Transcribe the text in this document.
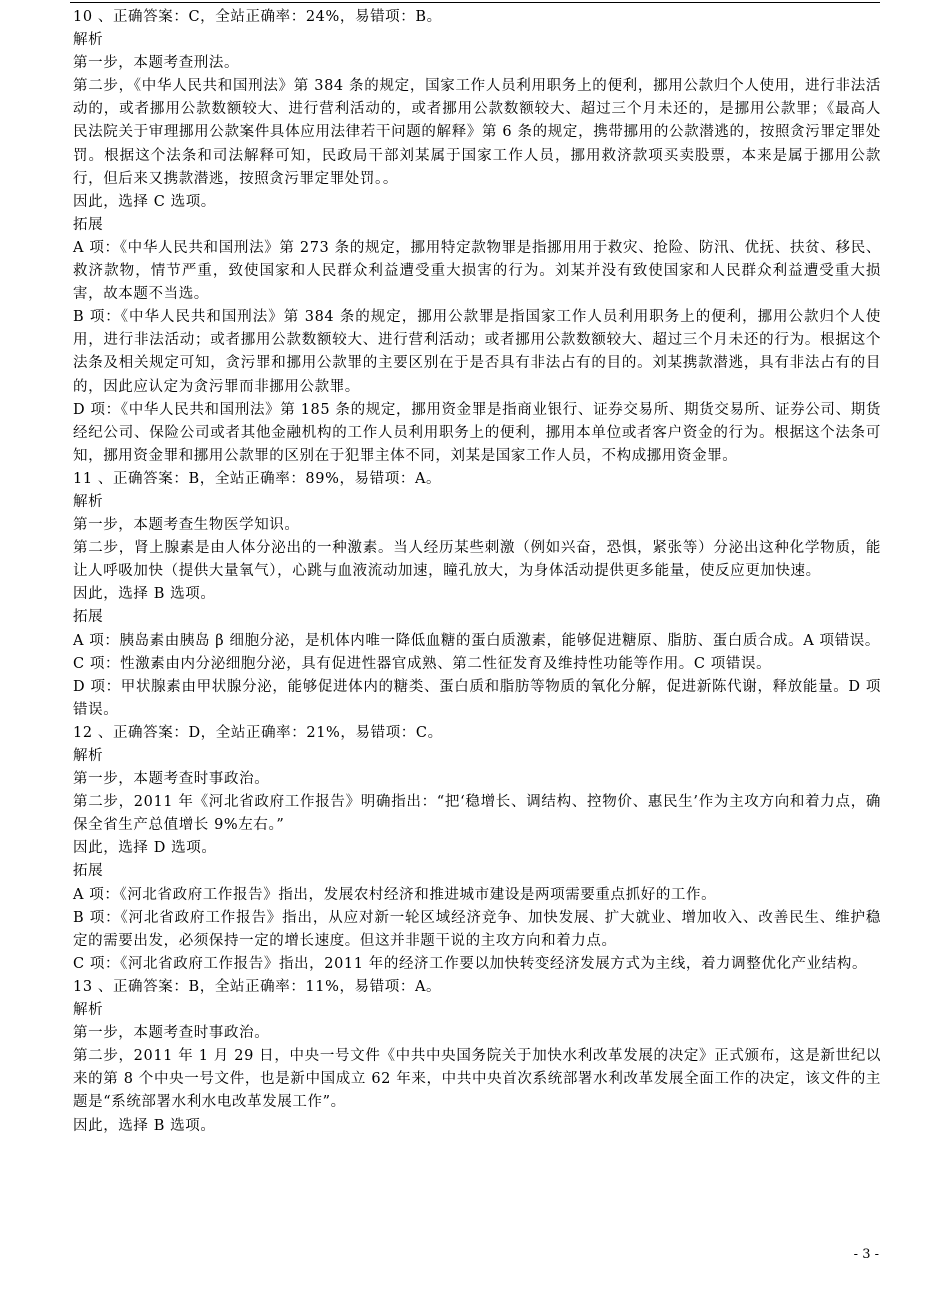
10 、正确答案：C，全站正确率：24%，易错项：B。

解析

第一步，本题考查刑法。

第二步，《中华人民共和国刑法》第 384 条的规定，国家工作人员利用职务上的便利，挪用公款归个人使用，进行非法活动的，或者挪用公款数额较大、进行营利活动的，或者挪用公款数额较大、超过三个月未还的，是挪用公款罪；《最高人民法院关于审理挪用公款案件具体应用法律若干问题的解释》第 6 条的规定，携带挪用的公款潜逃的，按照贪污罪定罪处罚。根据这个法条和司法解释可知，民政局干部刘某属于国家工作人员，挪用救济款项买卖股票，本来是属于挪用公款行，但后来又携款潜逃，按照贪污罪定罪处罚。。

因此，选择 C 选项。

拓展

A 项：《中华人民共和国刑法》第 273 条的规定，挪用特定款物罪是指挪用用于救灾、抢险、防汛、优抚、扶贫、移民、救济款物，情节严重，致使国家和人民群众利益遭受重大损害的行为。刘某并没有致使国家和人民群众利益遭受重大损害，故本题不当选。

B 项：《中华人民共和国刑法》第 384 条的规定，挪用公款罪是指国家工作人员利用职务上的便利，挪用公款归个人使用，进行非法活动；或者挪用公款数额较大、进行营利活动；或者挪用公款数额较大、超过三个月未还的行为。根据这个法条及相关规定可知，贪污罪和挪用公款罪的主要区别在于是否具有非法占有的目的。刘某携款潜逃，具有非法占有的目的，因此应认定为贪污罪而非挪用公款罪。

D 项：《中华人民共和国刑法》第 185 条的规定，挪用资金罪是指商业银行、证券交易所、期货交易所、证券公司、期货经纪公司、保险公司或者其他金融机构的工作人员利用职务上的便利，挪用本单位或者客户资金的行为。根据这个法条可知，挪用资金罪和挪用公款罪的区别在于犯罪主体不同，刘某是国家工作人员，不构成挪用资金罪。

11 、正确答案：B，全站正确率：89%，易错项：A。

解析

第一步，本题考查生物医学知识。

第二步，肾上腺素是由人体分泌出的一种激素。当人经历某些刺激（例如兴奋，恐惧，紧张等）分泌出这种化学物质，能让人呼吸加快（提供大量氧气），心跳与血液流动加速，瞳孔放大，为身体活动提供更多能量，使反应更加快速。

因此，选择 B 选项。

拓展

A 项：胰岛素由胰岛 β 细胞分泌，是机体内唯一降低血糖的蛋白质激素，能够促进糖原、脂肪、蛋白质合成。A 项错误。

C 项：性激素由内分泌细胞分泌，具有促进性器官成熟、第二性征发育及维持性功能等作用。C 项错误。

D 项：甲状腺素由甲状腺分泌，能够促进体内的糖类、蛋白质和脂肪等物质的氧化分解，促进新陈代谢，释放能量。D 项错误。

12 、正确答案：D，全站正确率：21%，易错项：C。

解析

第一步，本题考查时事政治。

第二步，2011 年《河北省政府工作报告》明确指出：“把‘稳增长、调结构、控物价、惠民生’作为主攻方向和着力点，确保全省生产总值增长 9%左右。”

因此，选择 D 选项。

拓展

A 项：《河北省政府工作报告》指出，发展农村经济和推进城市建设是两项需要重点抓好的工作。

B 项：《河北省政府工作报告》指出，从应对新一轮区域经济竞争、加快发展、扩大就业、增加收入、改善民生、维护稳定的需要出发，必须保持一定的增长速度。但这并非题干说的主攻方向和着力点。

C 项：《河北省政府工作报告》指出，2011 年的经济工作要以加快转变经济发展方式为主线，着力调整优化产业结构。

13 、正确答案：B，全站正确率：11%，易错项：A。

解析

第一步，本题考查时事政治。

第二步，2011 年 1 月 29 日，中央一号文件《中共中央国务院关于加快水利改革发展的决定》正式颁布，这是新世纪以来的第 8 个中央一号文件，也是新中国成立 62 年来，中共中央首次系统部署水利改革发展全面工作的决定，该文件的主题是“系统部署水利水电改革发展工作”。

因此，选择 B 选项。

- 3 -
